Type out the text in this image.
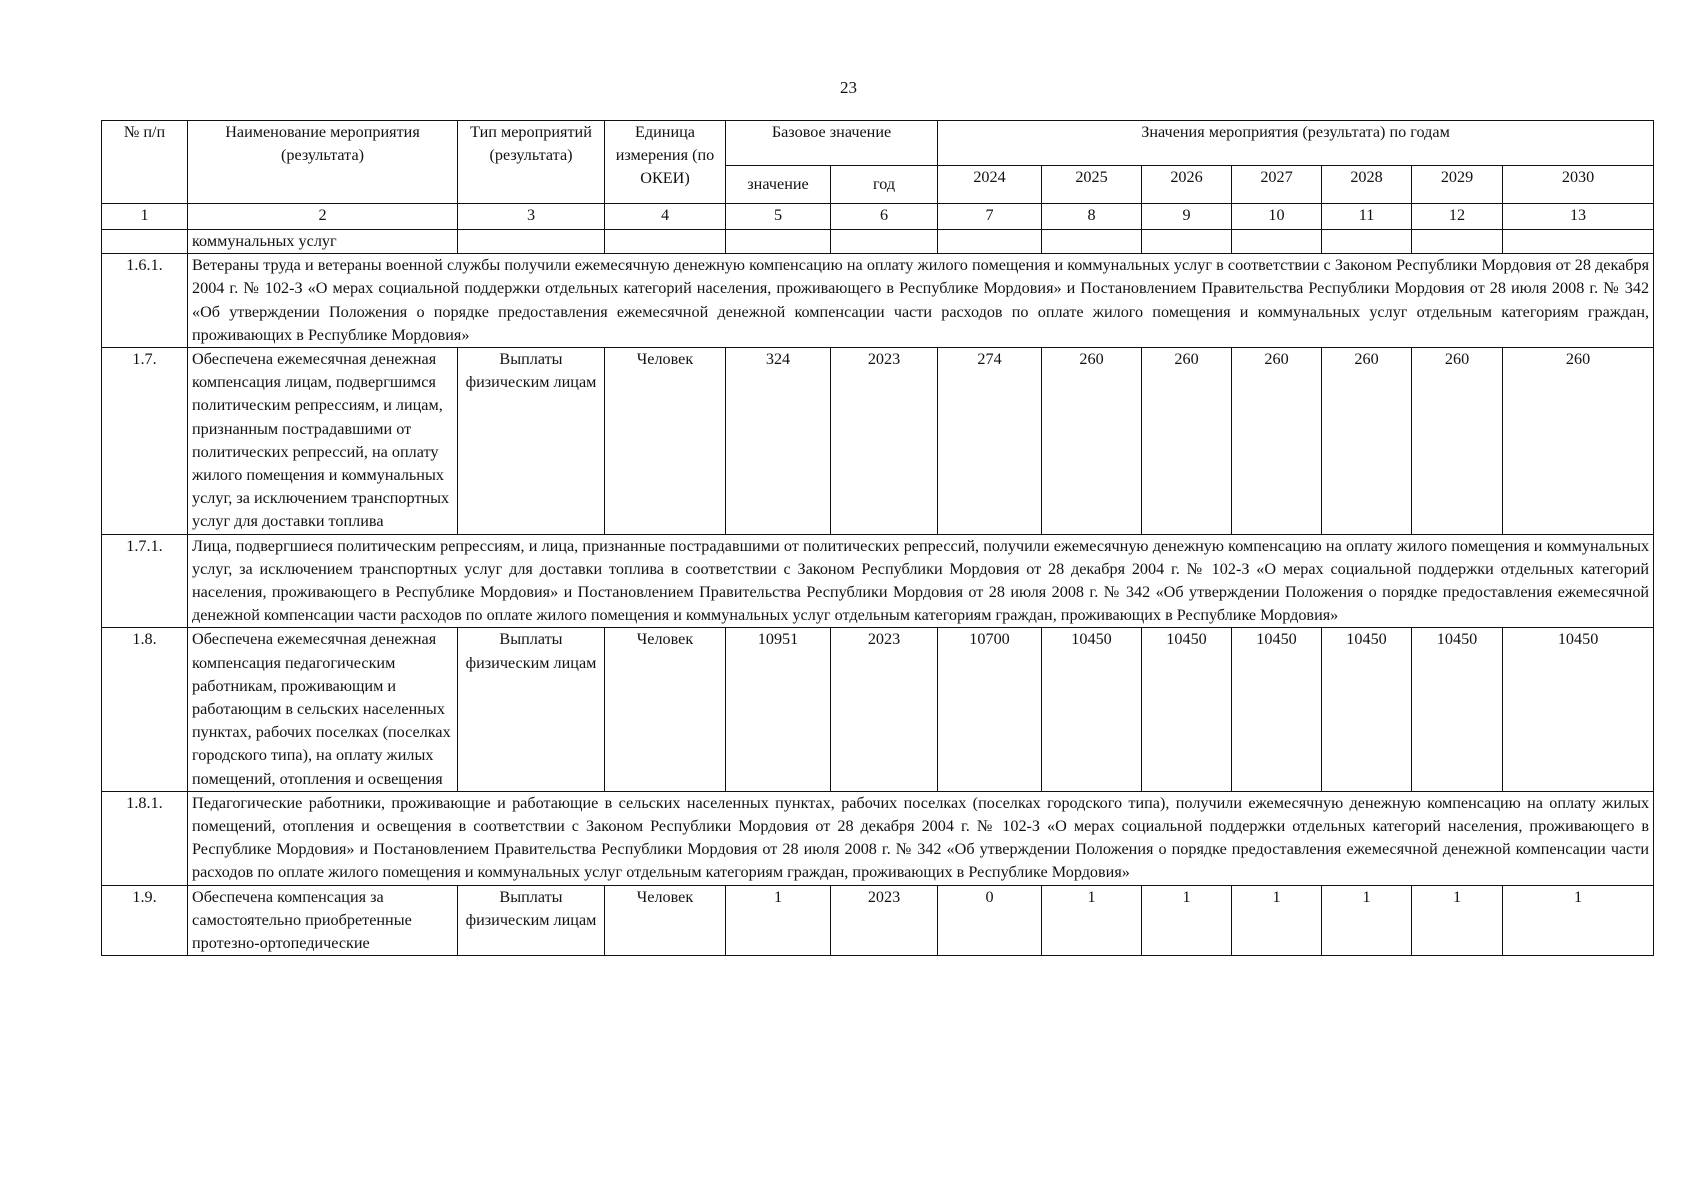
23
№ п/п	Наименование мероприятия (результата)	Тип мероприятий (результата)	Единица измерения (по ОКЕИ)	Базовое значение		Значения мероприятия (результата) по годам						
				значение	год	2024	2025	2026	2027	2028	2029	2030
1	2	3	4	5	6	7	8	9	10	11	12	13
	коммунальных услуг											
1.6.1.	Ветераны труда и ветераны военной службы получили ежемесячную денежную компенсацию на оплату жилого помещения и коммунальных услуг в соответствии с Законом Республики Мордовия от 28 декабря 2004 г. № 102-З «О мерах социальной поддержки отдельных категорий населения, проживающего в Республике Мордовия» и Постановлением Правительства Республики Мордовия от 28 июля 2008 г. № 342 «Об утверждении Положения о порядке предоставления ежемесячной денежной компенсации части расходов по оплате жилого помещения и коммунальных услуг отдельным категориям граждан, проживающих в Республике Мордовия»											
1.7.	Обеспечена ежемесячная денежная компенсация лицам, подвергшимся политическим репрессиям, и лицам, признанным пострадавшими от политических репрессий, на оплату жилого помещения и коммунальных услуг, за исключением транспортных услуг для доставки топлива	Выплаты физическим лицам	Человек	324	2023	274	260	260	260	260	260	260
1.7.1.	Лица, подвергшиеся политическим репрессиям, и лица, признанные пострадавшими от политических репрессий, получили ежемесячную денежную компенсацию на оплату жилого помещения и коммунальных услуг, за исключением транспортных услуг для доставки топлива в соответствии с Законом Республики Мордовия от 28 декабря 2004 г. № 102-З «О мерах социальной поддержки отдельных категорий населения, проживающего в Республике Мордовия» и Постановлением Правительства Республики Мордовия от 28 июля 2008 г. № 342 «Об утверждении Положения о порядке предоставления ежемесячной денежной компенсации части расходов по оплате жилого помещения и коммунальных услуг отдельным категориям граждан, проживающих в Республике Мордовия»											
1.8.	Обеспечена ежемесячная денежная компенсация педагогическим работникам, проживающим и работающим в сельских населенных пунктах, рабочих поселках (поселках городского типа), на оплату жилых помещений, отопления и освещения	Выплаты физическим лицам	Человек	10951	2023	10700	10450	10450	10450	10450	10450	10450
1.8.1.	Педагогические работники, проживающие и работающие в сельских населенных пунктах, рабочих поселках (поселках городского типа), получили ежемесячную денежную компенсацию на оплату жилых помещений, отопления и освещения в соответствии с Законом Республики Мордовия от 28 декабря 2004 г. № 102-З «О мерах социальной поддержки отдельных категорий населения, проживающего в Республике Мордовия» и Постановлением Правительства Республики Мордовия от 28 июля 2008 г. № 342 «Об утверждении Положения о порядке предоставления ежемесячной денежной компенсации части расходов по оплате жилого помещения и коммунальных услуг отдельным категориям граждан, проживающих в Республике Мордовия»											
1.9.	Обеспечена компенсация за самостоятельно приобретенные протезно-ортопедические	Выплаты физическим лицам	Человек	1	2023	0	1	1	1	1	1	1
